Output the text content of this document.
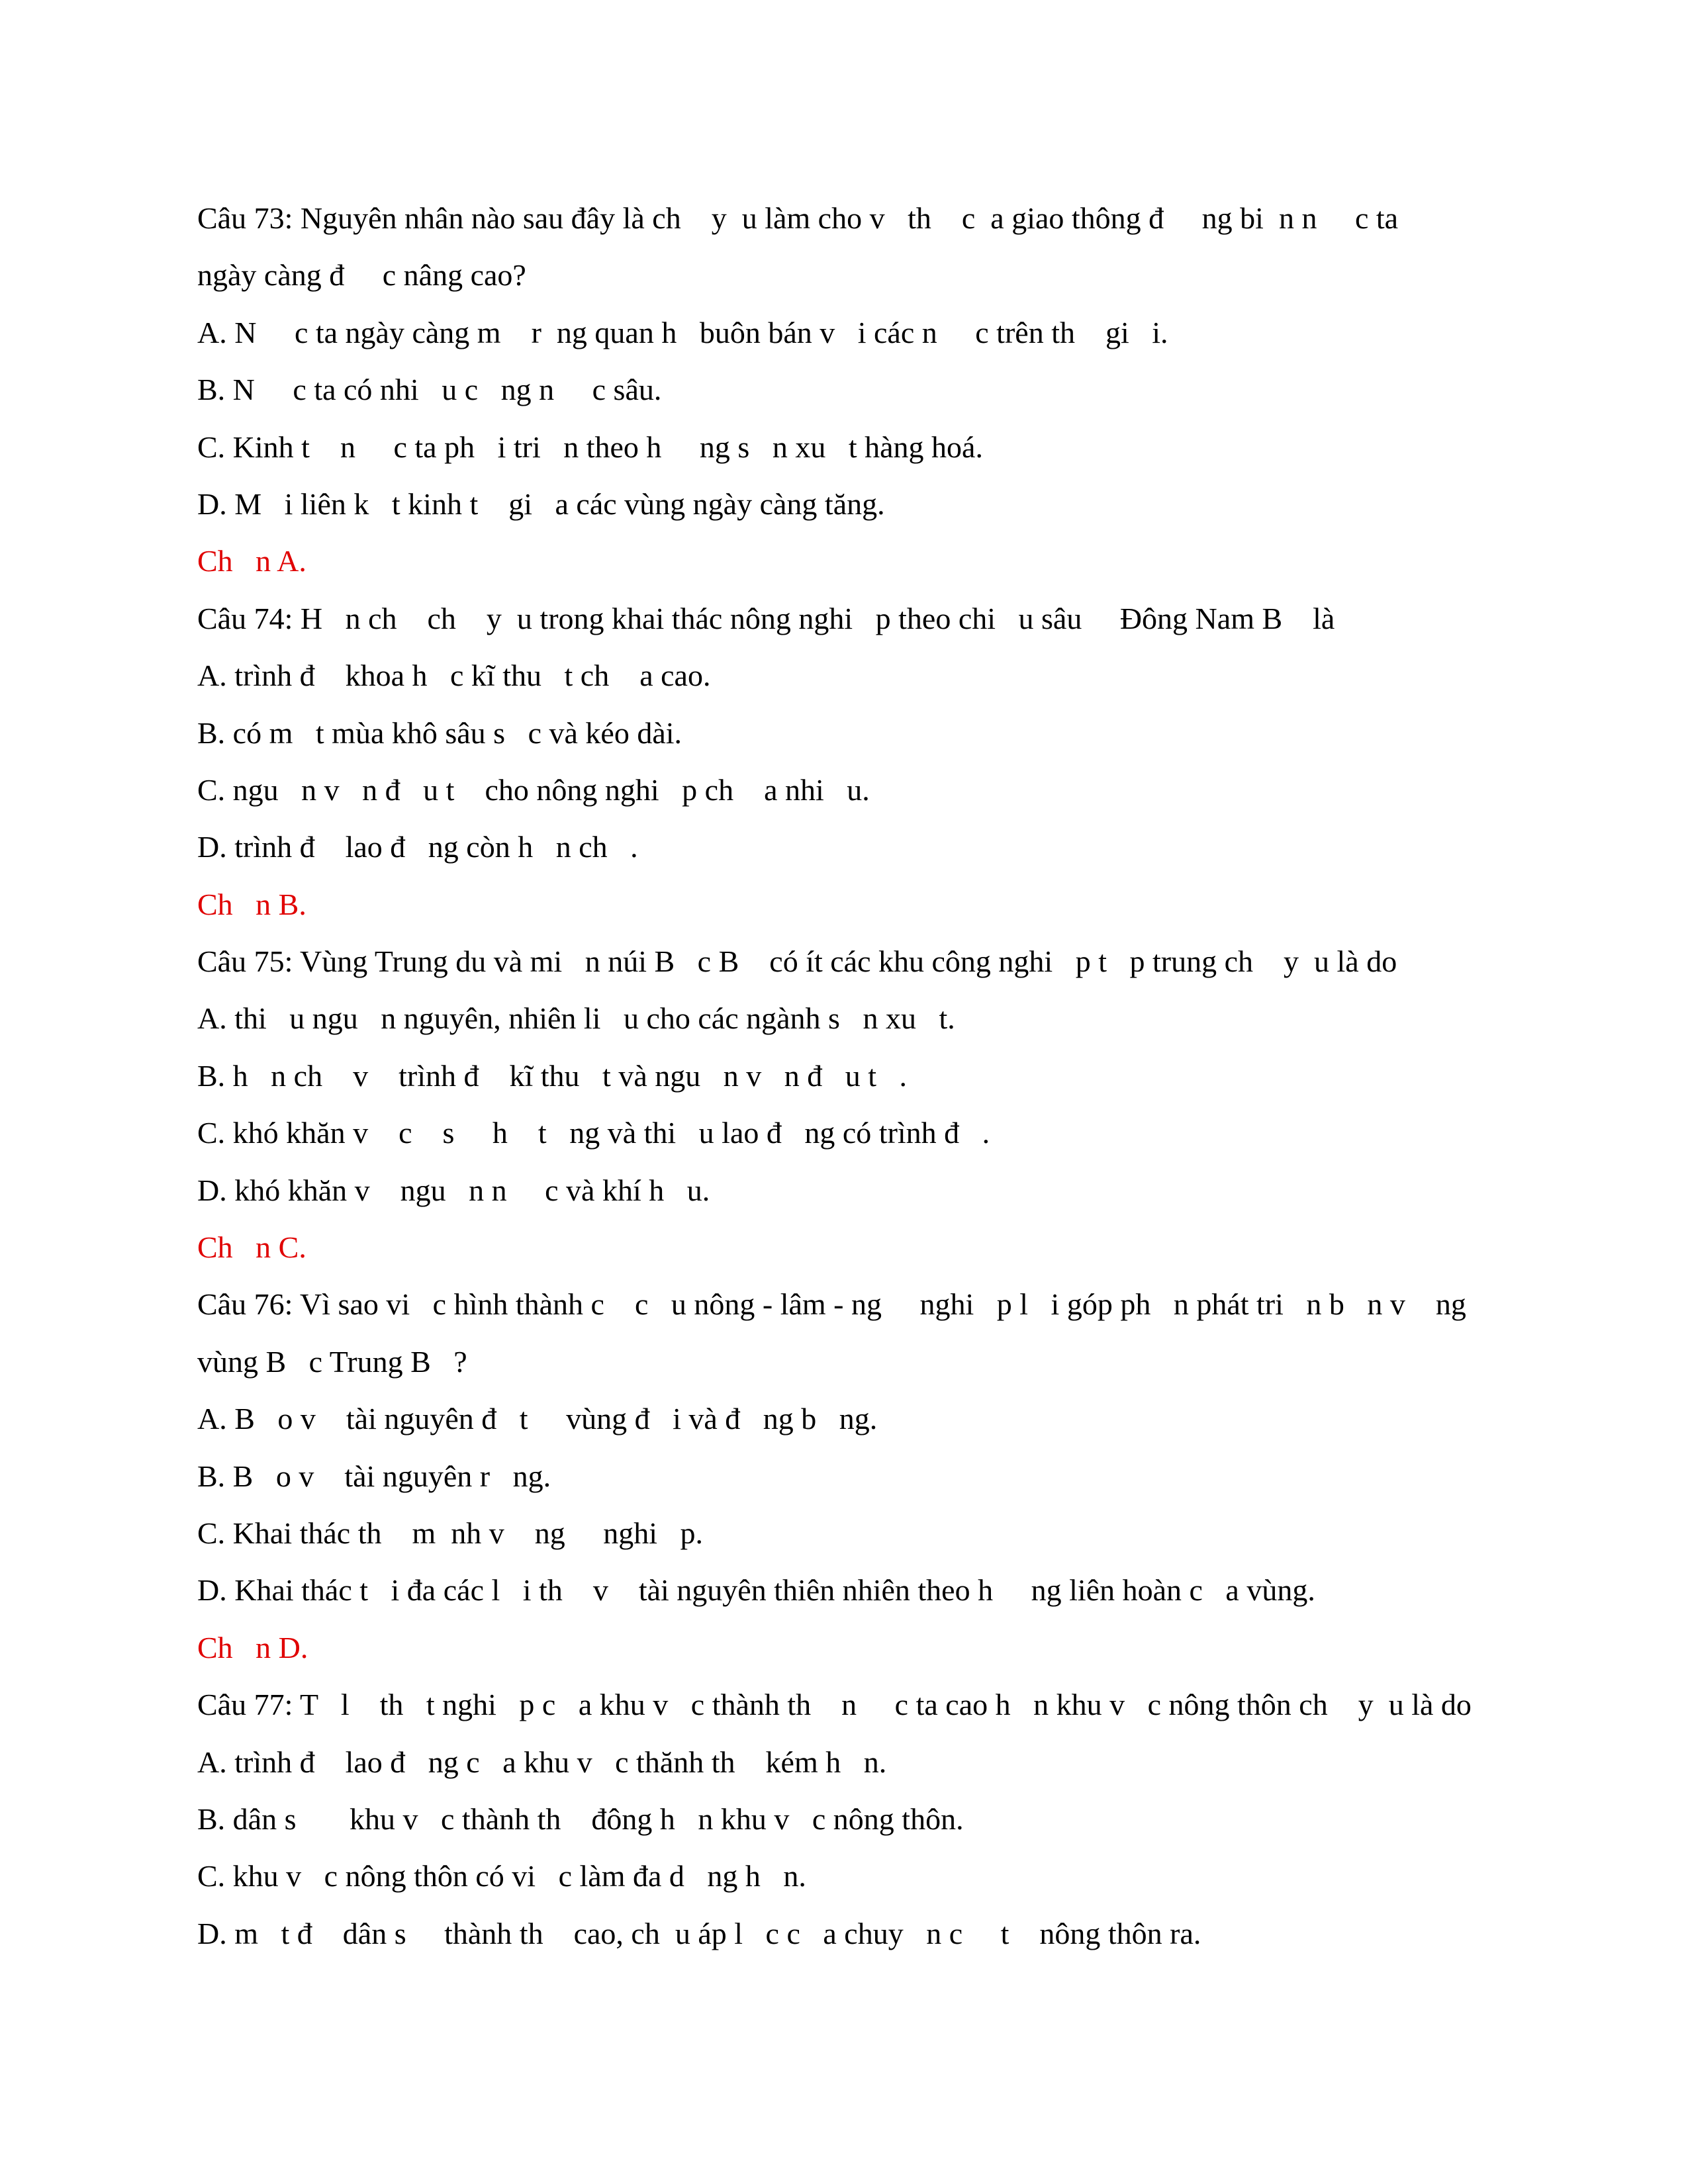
Câu 73: Nguyên nhân nào sau đây là ch    y  u làm cho v   th    c  a giao thông đ     ng bi  n n     c ta
ngày càng đ     c nâng cao?
A. N     c ta ngày càng m    r  ng quan h   buôn bán v   i các n     c trên th    gi   i.
B. N     c ta có nhi   u c   ng n     c sâu.
C. Kinh t    n     c ta ph   i tri   n theo h     ng s   n xu   t hàng hoá.
D. M   i liên k   t kinh t    gi   a các vùng ngày càng tăng.
Ch   n A.
Câu 74: H   n ch    ch    y  u trong khai thác nông nghi   p theo chi   u sâu     Đông Nam B    là
A. trình đ    khoa h   c kĩ thu   t ch    a cao.
B. có m   t mùa khô sâu s   c và kéo dài.
C. ngu   n v   n đ   u t    cho nông nghi   p ch    a nhi   u.
D. trình đ    lao đ   ng còn h   n ch   .
Ch   n B.
Câu 75: Vùng Trung du và mi   n núi B   c B    có ít các khu công nghi   p t   p trung ch    y  u là do
A. thi   u ngu   n nguyên, nhiên li   u cho các ngành s   n xu   t.
B. h   n ch    v    trình đ    kĩ thu   t và ngu   n v   n đ   u t   .
C. khó khăn v    c    s     h    t   ng và thi   u lao đ   ng có trình đ   .
D. khó khăn v    ngu   n n     c và khí h   u.
Ch   n C.
Câu 76: Vì sao vi   c hình thành c    c   u nông - lâm - ng     nghi   p l   i góp ph   n phát tri   n b   n v    ng
vùng B   c Trung B   ?
A. B   o v    tài nguyên đ   t     vùng đ   i và đ   ng b   ng.
B. B   o v    tài nguyên r   ng.
C. Khai thác th    m  nh v    ng     nghi   p.
D. Khai thác t   i đa các l   i th    v    tài nguyên thiên nhiên theo h     ng liên hoàn c   a vùng.
Ch   n D.
Câu 77: T   l    th   t nghi   p c   a khu v   c thành th    n     c ta cao h   n khu v   c nông thôn ch    y  u là do
A. trình đ    lao đ   ng c   a khu v   c thănh th    kém h   n.
B. dân s       khu v   c thành th    đông h   n khu v   c nông thôn.
C. khu v   c nông thôn có vi   c làm đa d   ng h   n.
D. m   t đ    dân s     thành th    cao, ch  u áp l   c c   a chuy   n c     t    nông thôn ra.
